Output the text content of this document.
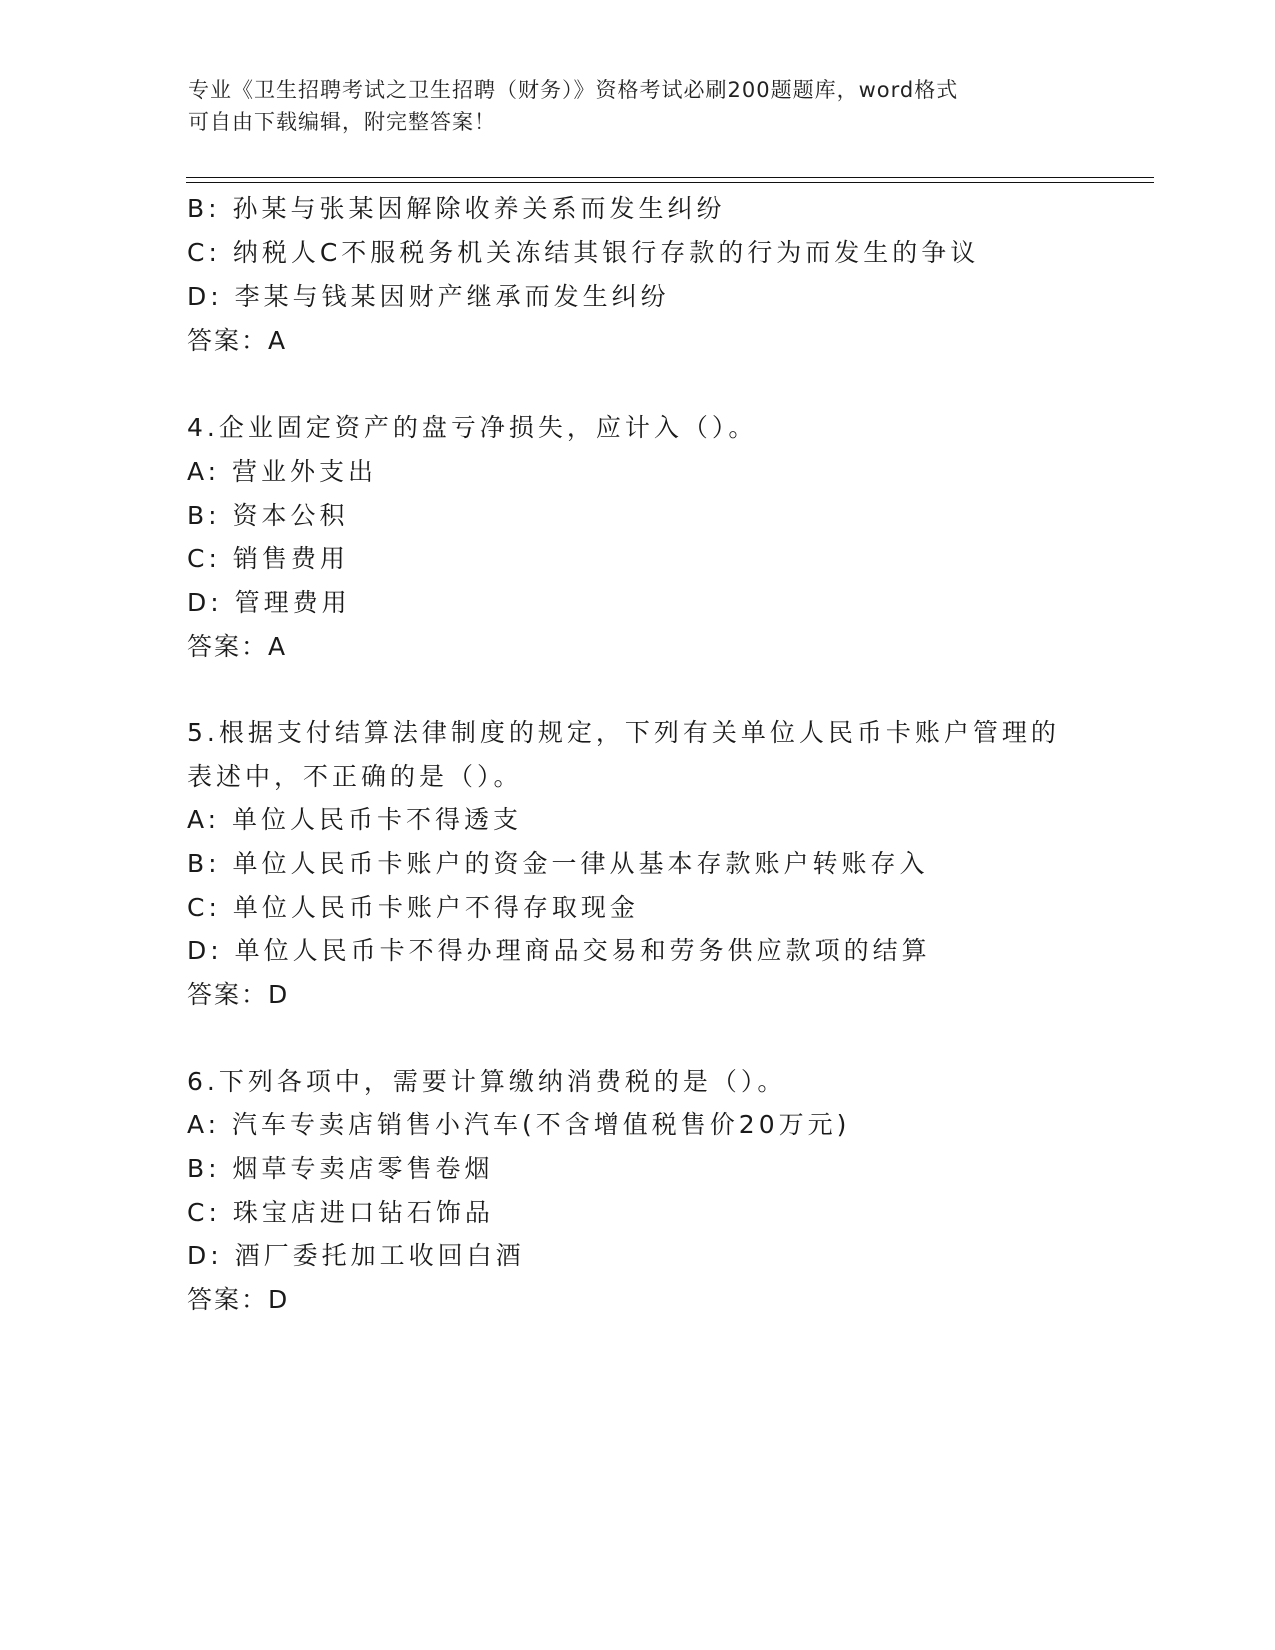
专业《卫生招聘考试之卫生招聘（财务）》资格考试必刷200题题库，word格式
可自由下载编辑，附完整答案！
B: 孙某与张某因解除收养关系而发生纠纷
C: 纳税人C不服税务机关冻结其银行存款的行为而发生的争议
D: 李某与钱某因财产继承而发生纠纷
答案：A
4.企业固定资产的盘亏净损失，应计入（）。
A: 营业外支出
B: 资本公积
C: 销售费用
D: 管理费用
答案：A
5.根据支付结算法律制度的规定，下列有关单位人民币卡账户管理的
表述中，不正确的是（）。
A: 单位人民币卡不得透支
B: 单位人民币卡账户的资金一律从基本存款账户转账存入
C: 单位人民币卡账户不得存取现金
D: 单位人民币卡不得办理商品交易和劳务供应款项的结算
答案：D
6.下列各项中，需要计算缴纳消费税的是（）。
A: 汽车专卖店销售小汽车(不含增值税售价20万元)
B: 烟草专卖店零售卷烟
C: 珠宝店进口钻石饰品
D: 酒厂委托加工收回白酒
答案：D
